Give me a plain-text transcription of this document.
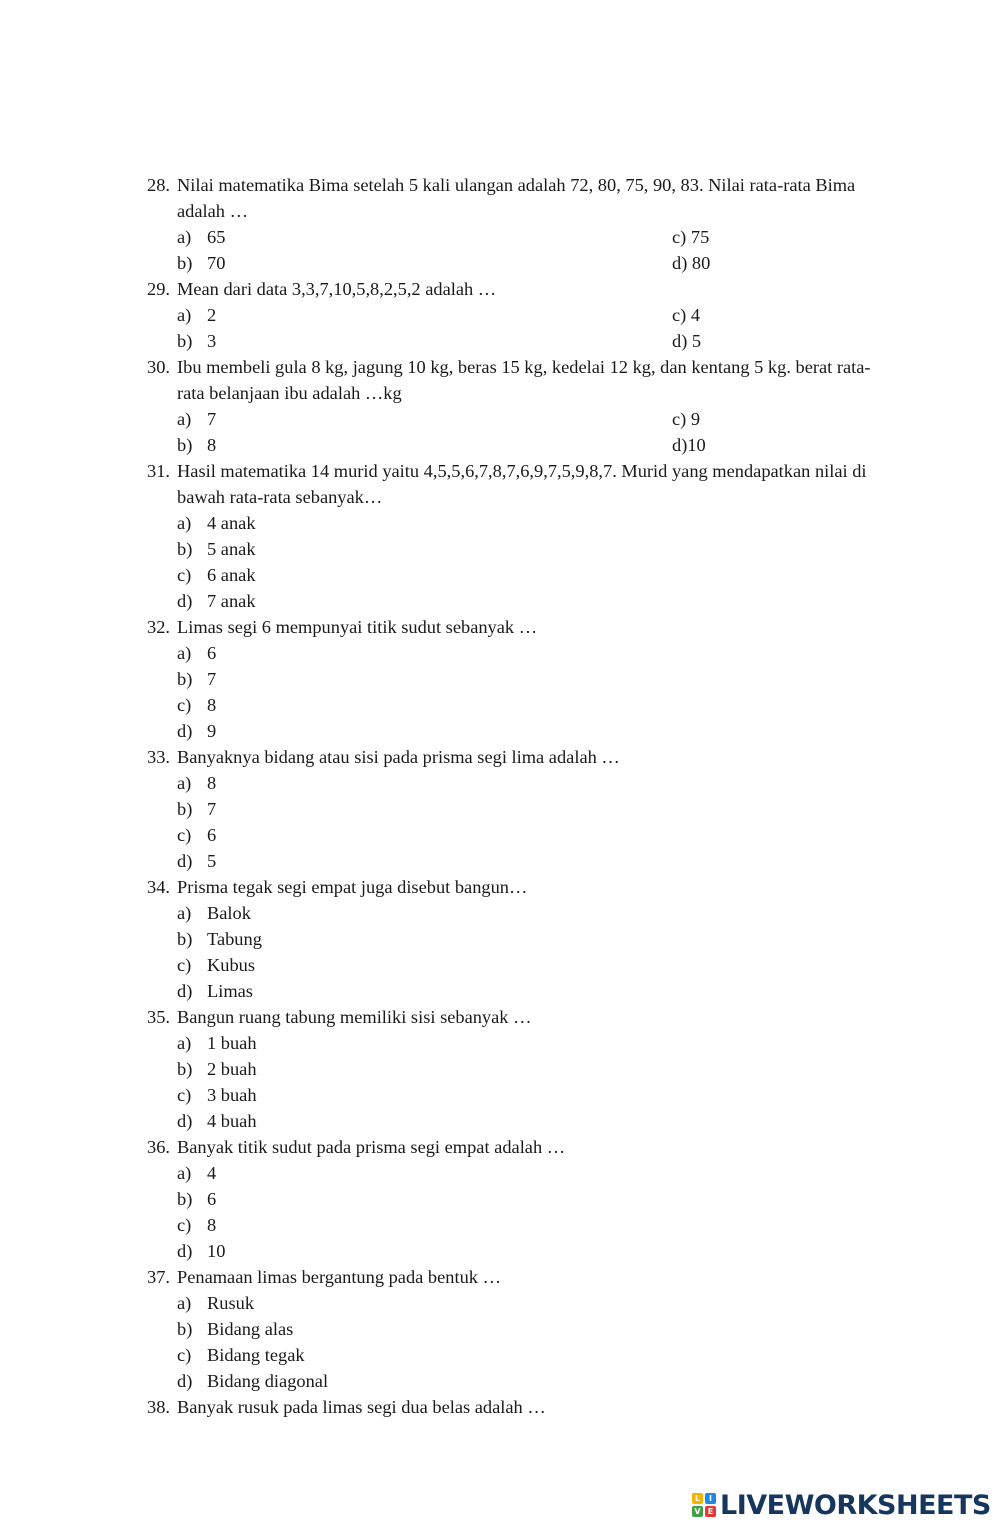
28. Nilai matematika Bima setelah 5 kali ulangan adalah 72, 80, 75, 90, 83. Nilai rata-rata Bima
adalah …
a) 65	c) 75
b) 70	d) 80
29. Mean dari data 3,3,7,10,5,8,2,5,2 adalah …
a) 2	c) 4
b) 3	d) 5
30. Ibu membeli gula 8 kg, jagung 10 kg, beras 15 kg, kedelai 12 kg, dan kentang 5 kg. berat rata-
rata belanjaan ibu adalah …kg
a) 7	c) 9
b) 8	d)10
31. Hasil matematika 14 murid yaitu 4,5,5,6,7,8,7,6,9,7,5,9,8,7. Murid yang mendapatkan nilai di
bawah rata-rata sebanyak…
a) 4 anak
b) 5 anak
c) 6 anak
d) 7 anak
32. Limas segi 6 mempunyai titik sudut sebanyak …
a) 6
b) 7
c) 8
d) 9
33. Banyaknya bidang atau sisi pada prisma segi lima adalah …
a) 8
b) 7
c) 6
d) 5
34. Prisma tegak segi empat juga disebut bangun…
a) Balok
b) Tabung
c) Kubus
d) Limas
35. Bangun ruang tabung memiliki sisi sebanyak …
a) 1 buah
b) 2 buah
c) 3 buah
d) 4 buah
36. Banyak titik sudut pada prisma segi empat adalah …
a) 4
b) 6
c) 8
d) 10
37. Penamaan limas bergantung pada bentuk …
a) Rusuk
b) Bidang alas
c) Bidang tegak
d) Bidang diagonal
38. Banyak rusuk pada limas segi dua belas adalah …
L	I
V E LIVEWORKSHEETS
